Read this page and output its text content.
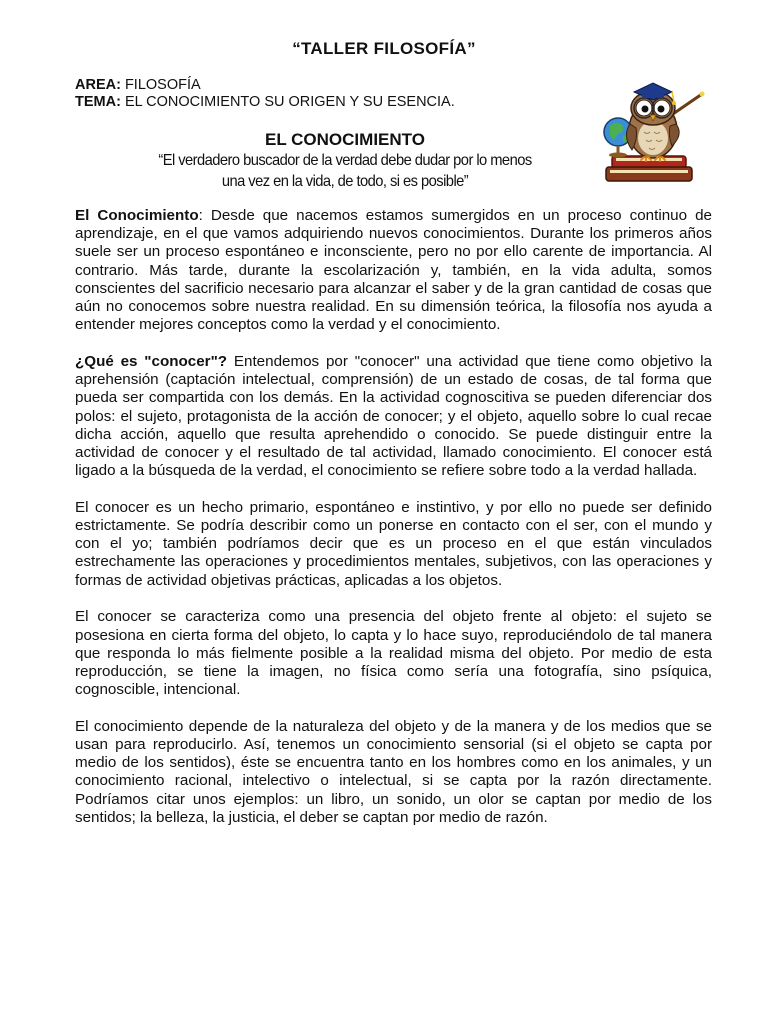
“TALLER FILOSOFÍA”
AREA: FILOSOFÍA
TEMA: EL CONOCIMIENTO SU ORIGEN Y SU ESENCIA.
EL CONOCIMIENTO
“El verdadero buscador de la verdad debe dudar por lo menos
una vez en la vida, de todo, si es posible”

El Conocimiento: Desde que nacemos estamos sumergidos en un proceso continuo de aprendizaje, en el que vamos adquiriendo nuevos conocimientos. Durante los primeros años suele ser un proceso espontáneo e inconsciente, pero no por ello carente de importancia. Al contrario. Más tarde, durante la escolarización y, también, en la vida adulta, somos conscientes del sacrificio necesario para alcanzar el saber y de la gran cantidad de cosas que aún no conocemos sobre nuestra realidad. En su dimensión teórica, la filosofía nos ayuda a entender mejores conceptos como la verdad y el conocimiento.

¿Qué es "conocer"? Entendemos por "conocer" una actividad que tiene como objetivo la aprehensión (captación intelectual, comprensión) de un estado de cosas, de tal forma que pueda ser compartida con los demás. En la actividad cognoscitiva se pueden diferenciar dos polos: el sujeto, protagonista de la acción de conocer; y el objeto, aquello sobre lo cual recae dicha acción, aquello que resulta aprehendido o conocido. Se puede distinguir entre la actividad de conocer y el resultado de tal actividad, llamado conocimiento. El conocer está ligado a la búsqueda de la verdad, el conocimiento se refiere sobre todo a la verdad hallada.

El conocer es un hecho primario, espontáneo e instintivo, y por ello no puede ser definido estrictamente. Se podría describir como un ponerse en contacto con el ser, con el mundo y con el yo; también podríamos decir que es un proceso en el que están vinculados estrechamente las operaciones y procedimientos mentales, subjetivos, con las operaciones y formas de actividad objetivas prácticas, aplicadas a los objetos.

El conocer se caracteriza como una presencia del objeto frente al objeto: el sujeto se posesiona en cierta forma del objeto, lo capta y lo hace suyo, reproduciéndolo de tal manera que responda lo más fielmente posible a la realidad misma del objeto. Por medio de esta reproducción, se tiene la imagen, no física como sería una fotografía, sino psíquica, cognoscible, intencional.

El conocimiento depende de la naturaleza del objeto y de la manera y de los medios que se usan para reproducirlo. Así, tenemos un conocimiento sensorial (si el objeto se capta por medio de los sentidos), éste se encuentra tanto en los hombres como en los animales, y un conocimiento racional, intelectivo o intelectual, si se capta por la razón directamente. Podríamos citar unos ejemplos: un libro, un sonido, un olor se captan por medio de los sentidos; la belleza, la justicia, el deber se captan por medio de razón.
